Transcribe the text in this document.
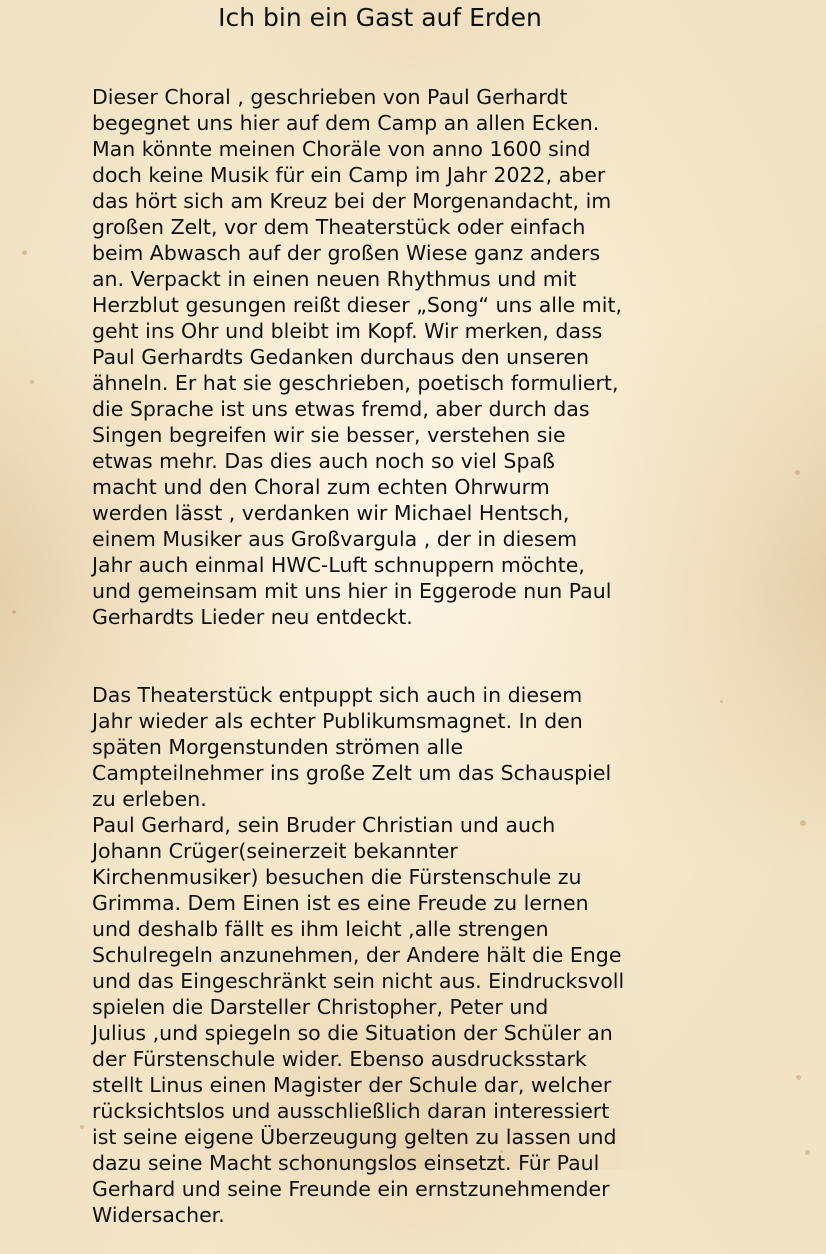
Ich bin ein Gast auf Erden

Dieser Choral , geschrieben von Paul Gerhardt
begegnet uns hier auf dem Camp an allen Ecken.
Man könnte meinen Choräle von anno 1600 sind
doch keine Musik für ein Camp im Jahr 2022, aber
das hört sich am Kreuz bei der Morgenandacht, im
großen Zelt, vor dem Theaterstück oder einfach
beim Abwasch auf der großen Wiese ganz anders
an. Verpackt in einen neuen Rhythmus und mit
Herzblut gesungen reißt dieser „Song“ uns alle mit,
geht ins Ohr und bleibt im Kopf. Wir merken, dass
Paul Gerhardts Gedanken durchaus den unseren
ähneln. Er hat sie geschrieben, poetisch formuliert,
die Sprache ist uns etwas fremd, aber durch das
Singen begreifen wir sie besser, verstehen sie
etwas mehr. Das dies auch noch so viel Spaß
macht und den Choral zum echten Ohrwurm
werden lässt , verdanken wir Michael Hentsch,
einem Musiker aus Großvargula , der in diesem
Jahr auch einmal HWC-Luft schnuppern möchte,
und gemeinsam mit uns hier in Eggerode nun Paul
Gerhardts Lieder neu entdeckt.

Das Theaterstück entpuppt sich auch in diesem
Jahr wieder als echter Publikumsmagnet. In den
späten Morgenstunden strömen alle
Campteilnehmer ins große Zelt um das Schauspiel
zu erleben.
Paul Gerhard, sein Bruder Christian und auch
Johann Crüger(seinerzeit bekannter
Kirchenmusiker) besuchen die Fürstenschule zu
Grimma. Dem Einen ist es eine Freude zu lernen
und deshalb fällt es ihm leicht ,alle strengen
Schulregeln anzunehmen, der Andere hält die Enge
und das Eingeschränkt sein nicht aus. Eindrucksvoll
spielen die Darsteller Christopher, Peter und
Julius ,und spiegeln so die Situation der Schüler an
der Fürstenschule wider. Ebenso ausdrucksstark
stellt Linus einen Magister der Schule dar, welcher
rücksichtslos und ausschließlich daran interessiert
ist seine eigene Überzeugung gelten zu lassen und
dazu seine Macht schonungslos einsetzt. Für Paul
Gerhard und seine Freunde ein ernstzunehmender
Widersacher.
